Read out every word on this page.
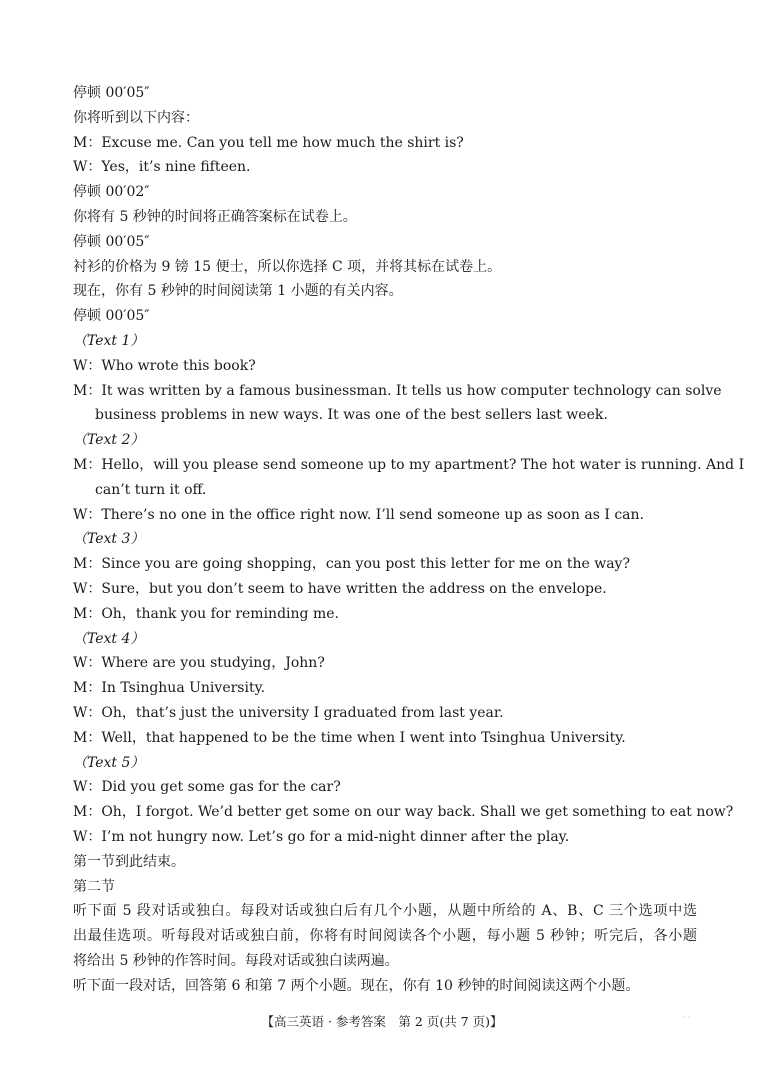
停顿 00′05″
你将听到以下内容：
M：Excuse me. Can you tell me how much the shirt is?
W：Yes，it’s nine fifteen.
停顿 00′02″
你将有 5 秒钟的时间将正确答案标在试卷上。
停顿 00′05″
衬衫的价格为 9 镑 15 便士，所以你选择 C 项，并将其标在试卷上。
现在，你有 5 秒钟的时间阅读第 1 小题的有关内容。
停顿 00′05″
（Text 1）
W：Who wrote this book?
M：It was written by a famous businessman. It tells us how computer technology can solve
business problems in new ways. It was one of the best sellers last week.
（Text 2）
M：Hello，will you please send someone up to my apartment? The hot water is running. And I
can’t turn it off.
W：There’s no one in the office right now. I’ll send someone up as soon as I can.
（Text 3）
M：Since you are going shopping，can you post this letter for me on the way?
W：Sure，but you don’t seem to have written the address on the envelope.
M：Oh，thank you for reminding me.
（Text 4）
W：Where are you studying，John?
M：In Tsinghua University.
W：Oh，that’s just the university I graduated from last year.
M：Well，that happened to be the time when I went into Tsinghua University.
（Text 5）
W：Did you get some gas for the car?
M：Oh，I forgot. We’d better get some on our way back. Shall we get something to eat now?
W：I’m not hungry now. Let’s go for a mid-night dinner after the play.
第一节到此结束。
第二节
听下面 5 段对话或独白。每段对话或独白后有几个小题，从题中所给的 A、B、C 三个选项中选
出最佳选项。听每段对话或独白前，你将有时间阅读各个小题，每小题 5 秒钟；听完后，各小题
将给出 5 秒钟的作答时间。每段对话或独白读两遍。
听下面一段对话，回答第 6 和第 7 两个小题。现在，你有 10 秒钟的时间阅读这两个小题。
【高三英语 · 参考答案　第 2 页(共 7 页)】	· ·
